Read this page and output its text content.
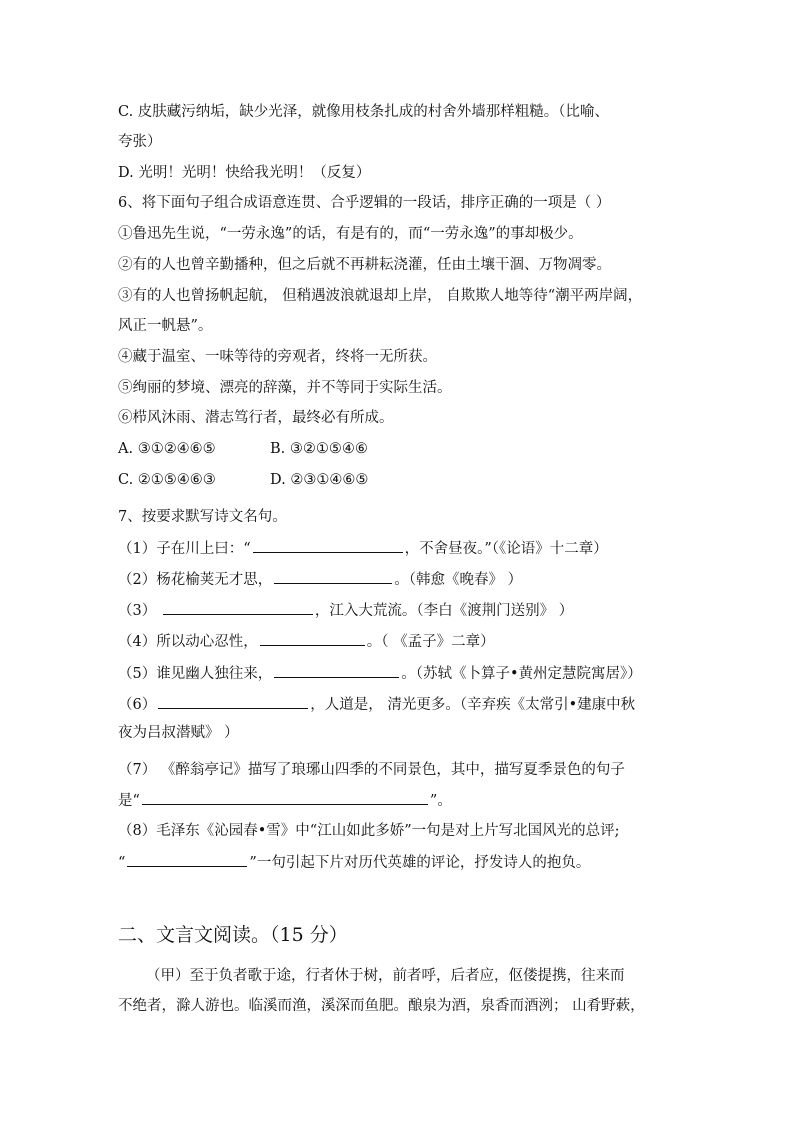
C. 皮肤藏污纳垢，缺少光泽，就像用枝条扎成的村舍外墙那样粗糙。（比喻、
夸张）
D. 光明！光明！快给我光明！（反复）
6、将下面句子组合成语意连贯、合乎逻辑的一段话，排序正确的一项是（ ）
①鲁迅先生说，“一劳永逸”的话，有是有的，而“一劳永逸”的事却极少。
②有的人也曾辛勤播种，但之后就不再耕耘浇灌，任由土壤干涸、万物凋零。
③有的人也曾扬帆起航， 但稍遇波浪就退却上岸， 自欺欺人地等待“潮平两岸阔，
风正一帆悬”。
④藏于温室、一味等待的旁观者，终将一无所获。
⑤绚丽的梦境、漂亮的辞藻，并不等同于实际生活。
⑥栉风沐雨、潜志笃行者，最终必有所成。
A. ③①②④⑥⑤	B. ③②①⑤④⑥
C. ②①⑤④⑥③	D. ②③①④⑥⑤
7、按要求默写诗文名句。
（1）子在川上曰：“	，不舍昼夜。”（《论语》十二章）
（2）杨花榆荚无才思，	。（韩愈《晚春》 ）
（3）	，江入大荒流。（李白《渡荆门送别》 ）
（4）所以动心忍性，	。（ 《孟子》二章）
（5）谁见幽人独往来，	。（苏轼《卜算子•黄州定慧院寓居》）
（6）	，人道是， 清光更多。（辛弃疾《太常引•建康中秋
夜为吕叔潜赋》 ）
（7） 《醉翁亭记》描写了琅琊山四季的不同景色，其中，描写夏季景色的句子
是“	”。
（8）毛泽东《沁园春•雪》中“江山如此多娇”一句是对上片写北国风光的总评;
“	”一句引起下片对历代英雄的评论，抒发诗人的抱负。
二、文言文阅读。（15 分）
（甲）至于负者歌于途，行者休于树，前者呼，后者应，伛偻提携，往来而
不绝者，滁人游也。临溪而渔，溪深而鱼肥。酿泉为酒，泉香而酒洌； 山肴野蔌，
